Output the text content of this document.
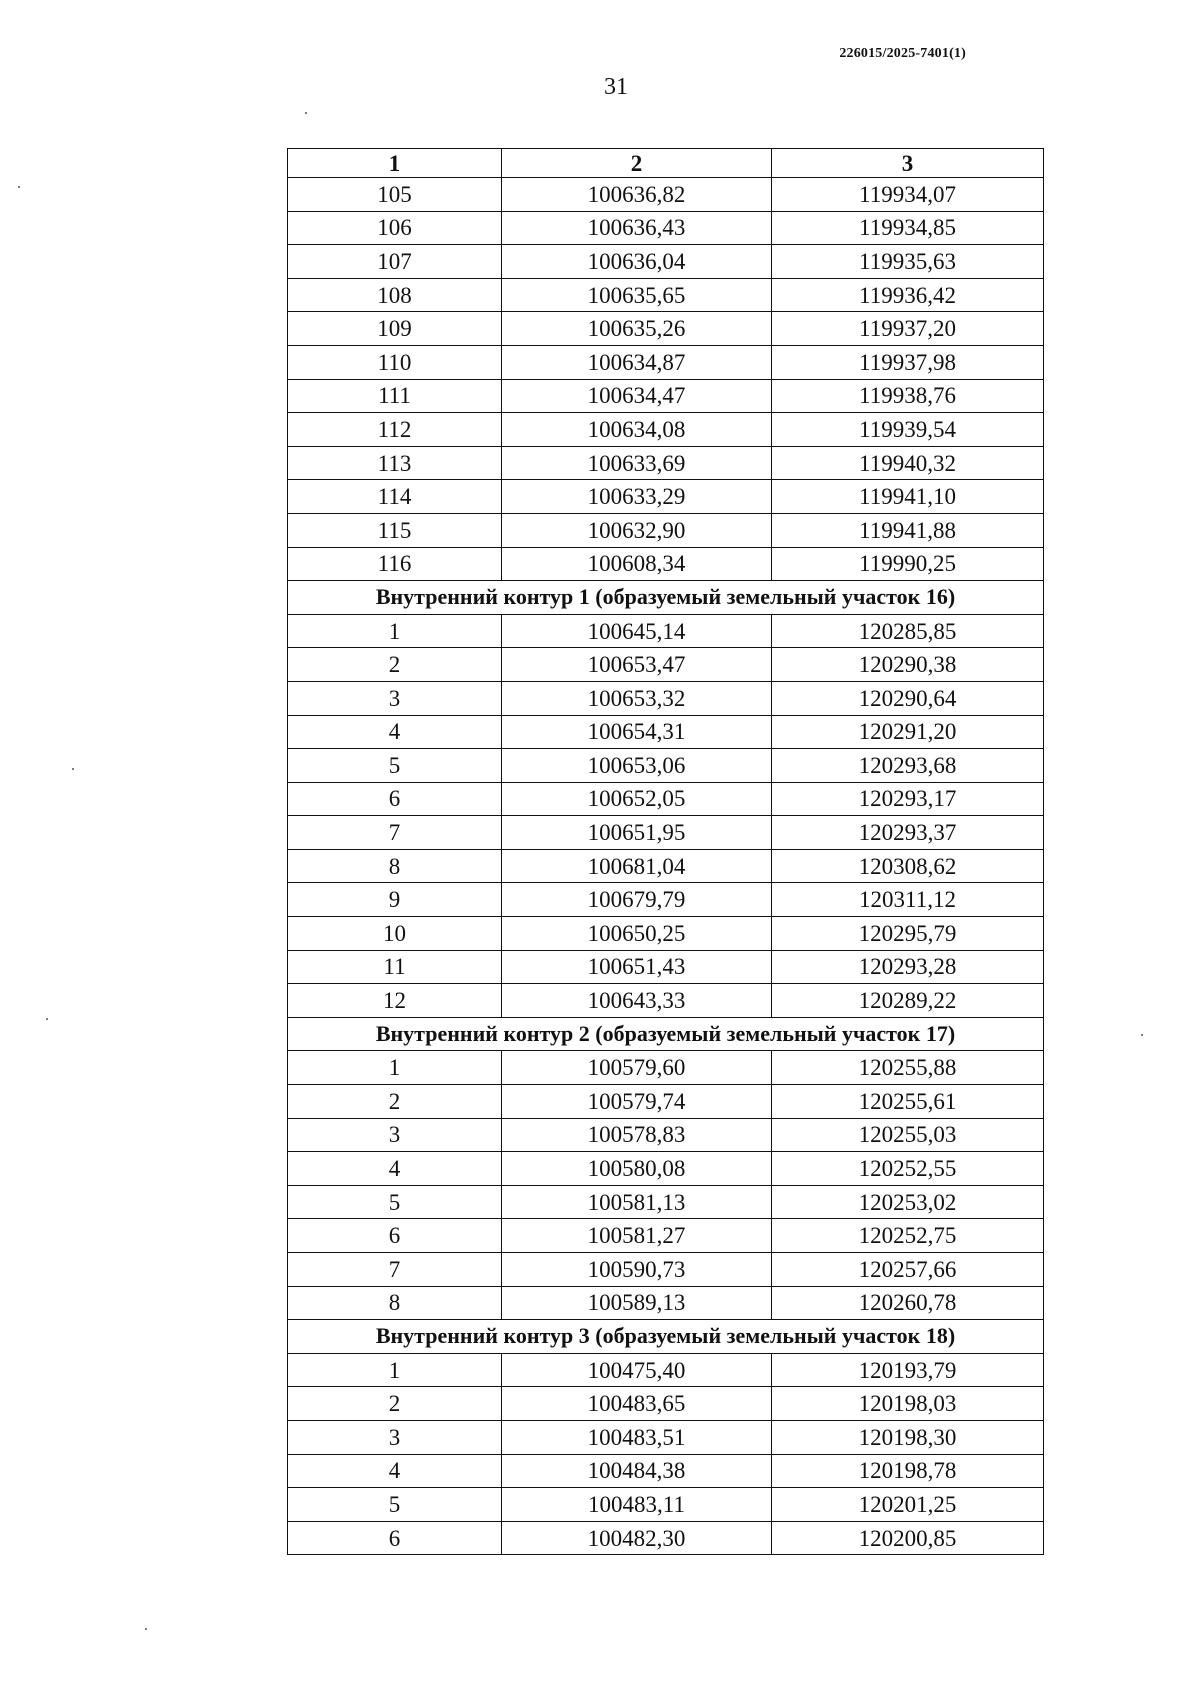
226015/2025-7401(1)
31
1	2	3
105	100636,82	119934,07
106	100636,43	119934,85
107	100636,04	119935,63
108	100635,65	119936,42
109	100635,26	119937,20
110	100634,87	119937,98
111	100634,47	119938,76
112	100634,08	119939,54
113	100633,69	119940,32
114	100633,29	119941,10
115	100632,90	119941,88
116	100608,34	119990,25
Внутренний контур 1 (образуемый земельный участок 16)		
1	100645,14	120285,85
2	100653,47	120290,38
3	100653,32	120290,64
4	100654,31	120291,20
5	100653,06	120293,68
6	100652,05	120293,17
7	100651,95	120293,37
8	100681,04	120308,62
9	100679,79	120311,12
10	100650,25	120295,79
11	100651,43	120293,28
12	100643,33	120289,22
Внутренний контур 2 (образуемый земельный участок 17)		
1	100579,60	120255,88
2	100579,74	120255,61
3	100578,83	120255,03
4	100580,08	120252,55
5	100581,13	120253,02
6	100581,27	120252,75
7	100590,73	120257,66
8	100589,13	120260,78
Внутренний контур 3 (образуемый земельный участок 18)		
1	100475,40	120193,79
2	100483,65	120198,03
3	100483,51	120198,30
4	100484,38	120198,78
5	100483,11	120201,25
6	100482,30	120200,85
